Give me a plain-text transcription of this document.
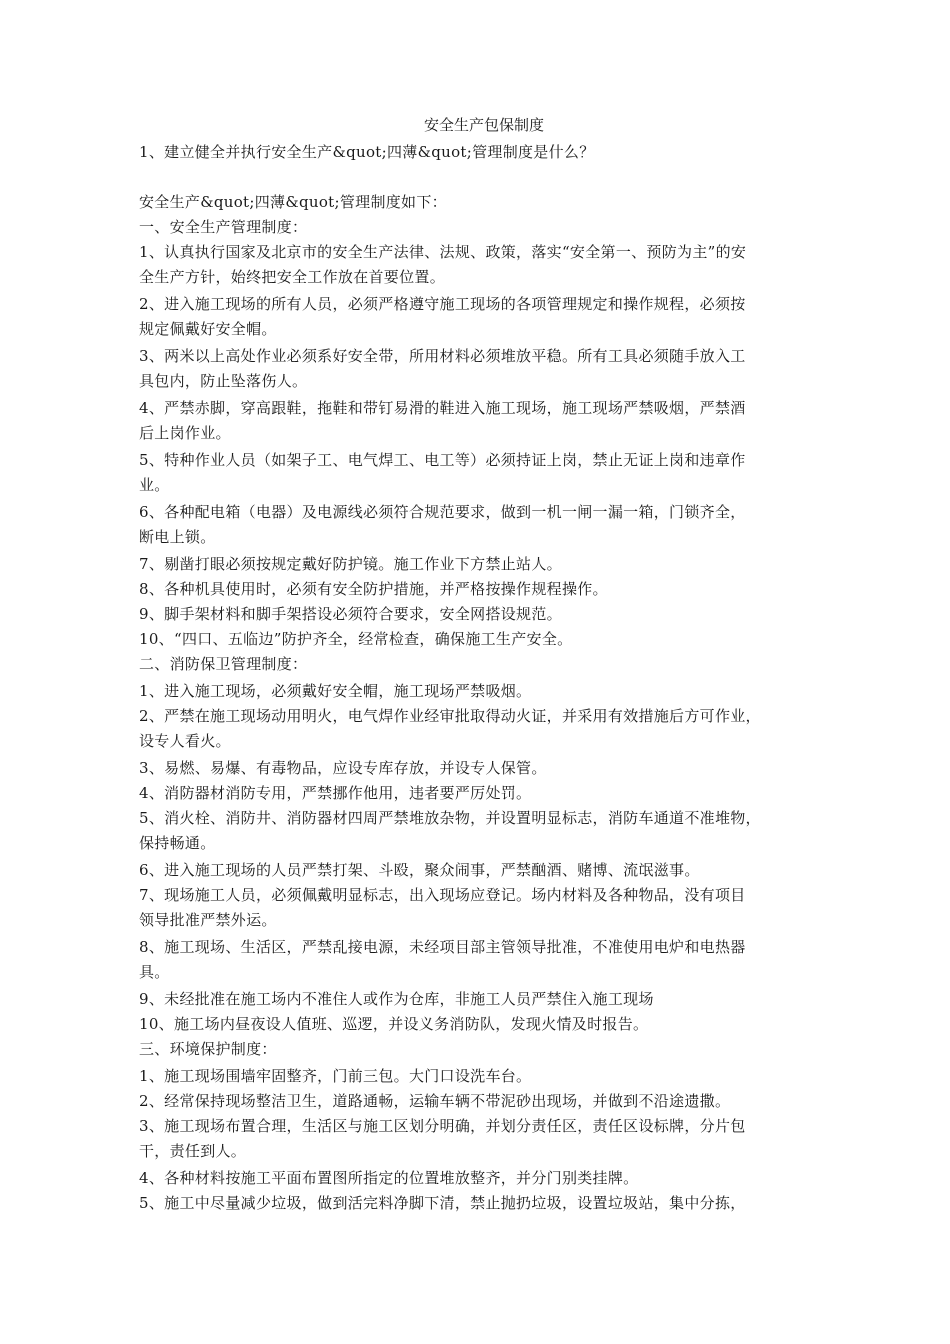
安全生产包保制度
1、建立健全并执行安全生产&quot;四薄&quot;管理制度是什么？
安全生产&quot;四薄&quot;管理制度如下：
一、安全生产管理制度：
1、认真执行国家及北京市的安全生产法律、法规、政策，落实“安全第一、预防为主”的安
全生产方针，始终把安全工作放在首要位置。
2、进入施工现场的所有人员，必须严格遵守施工现场的各项管理规定和操作规程，必须按
规定佩戴好安全帽。
3、两米以上高处作业必须系好安全带，所用材料必须堆放平稳。所有工具必须随手放入工
具包内，防止坠落伤人。
4、严禁赤脚，穿高跟鞋，拖鞋和带钉易滑的鞋进入施工现场，施工现场严禁吸烟，严禁酒
后上岗作业。
5、特种作业人员（如架子工、电气焊工、电工等）必须持证上岗，禁止无证上岗和违章作
业。
6、各种配电箱（电器）及电源线必须符合规范要求，做到一机一闸一漏一箱，门锁齐全，
断电上锁。
7、剔凿打眼必须按规定戴好防护镜。施工作业下方禁止站人。
8、各种机具使用时，必须有安全防护措施，并严格按操作规程操作。
9、脚手架材料和脚手架搭设必须符合要求，安全网搭设规范。
10、“四口、五临边”防护齐全，经常检查，确保施工生产安全。
二、消防保卫管理制度：
1、进入施工现场，必须戴好安全帽，施工现场严禁吸烟。
2、严禁在施工现场动用明火，电气焊作业经审批取得动火证，并采用有效措施后方可作业，
设专人看火。
3、易燃、易爆、有毒物品，应设专库存放，并设专人保管。
4、消防器材消防专用，严禁挪作他用，违者要严厉处罚。
5、消火栓、消防井、消防器材四周严禁堆放杂物，并设置明显标志，消防车通道不准堆物，
保持畅通。
6、进入施工现场的人员严禁打架、斗殴，聚众闹事，严禁酗酒、赌博、流氓滋事。
7、现场施工人员，必须佩戴明显标志，出入现场应登记。场内材料及各种物品，没有项目
领导批准严禁外运。
8、施工现场、生活区，严禁乱接电源，未经项目部主管领导批准，不准使用电炉和电热器
具。
9、未经批准在施工场内不准住人或作为仓库，非施工人员严禁住入施工现场
10、施工场内昼夜设人值班、巡逻，并设义务消防队，发现火情及时报告。
三、环境保护制度：
1、施工现场围墙牢固整齐，门前三包。大门口设洗车台。
2、经常保持现场整洁卫生，道路通畅，运输车辆不带泥砂出现场，并做到不沿途遗撒。
3、施工现场布置合理，生活区与施工区划分明确，并划分责任区，责任区设标牌，分片包
干，责任到人。
4、各种材料按施工平面布置图所指定的位置堆放整齐，并分门别类挂牌。
5、施工中尽量减少垃圾，做到活完料净脚下清，禁止抛扔垃圾，设置垃圾站，集中分拣，
